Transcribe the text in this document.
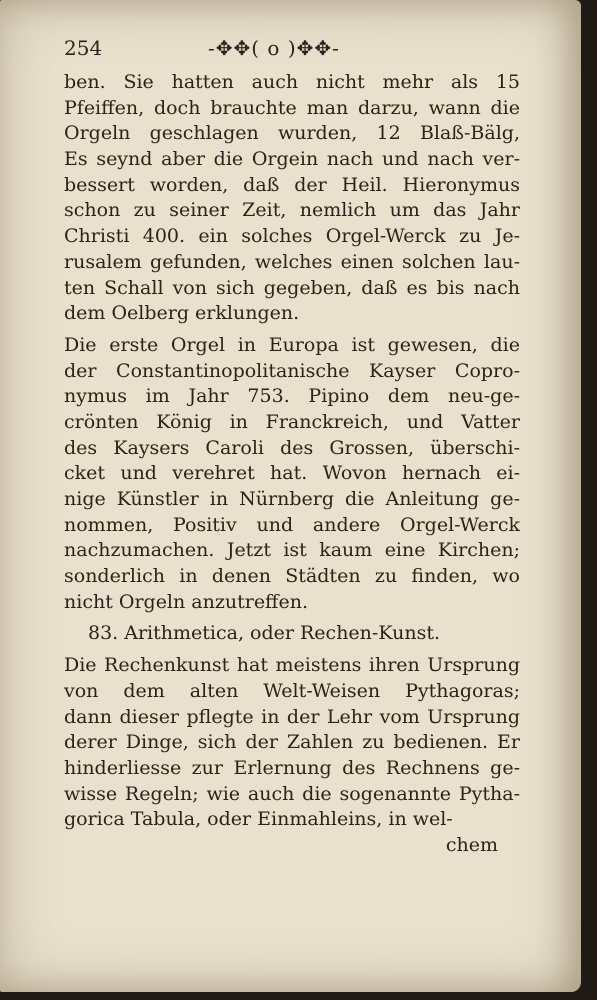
254	-✥✥( o )✥✥-
ben. Sie hatten auch nicht mehr als 15
Pfeiffen, doch brauchte man darzu, wann die
Orgeln geschlagen wurden, 12 Blaß-Bälg,
Es seynd aber die Orgein nach und nach ver-
bessert worden, daß der Heil. Hieronymus
schon zu seiner Zeit, nemlich um das Jahr
Christi 400. ein solches Orgel-Werck zu Je-
rusalem gefunden, welches einen solchen lau-
ten Schall von sich gegeben, daß es bis nach
dem Oelberg erklungen.
Die erste Orgel in Europa ist gewesen, die
der Constantinopolitanische Kayser Copro-
nymus im Jahr 753. Pipino dem neu-ge-
crönten König in Franckreich, und Vatter
des Kaysers Caroli des Grossen, überschi-
cket und verehret hat. Wovon hernach ei-
nige Künstler in Nürnberg die Anleitung ge-
nommen, Positiv und andere Orgel-Werck
nachzumachen. Jetzt ist kaum eine Kirchen;
sonderlich in denen Städten zu finden, wo
nicht Orgeln anzutreffen.
83. Arithmetica, oder Rechen-Kunst.
Die Rechenkunst hat meistens ihren Ursprung
von dem alten Welt-Weisen Pythagoras;
dann dieser pflegte in der Lehr vom Ursprung
derer Dinge, sich der Zahlen zu bedienen. Er
hinderliesse zur Erlernung des Rechnens ge-
wisse Regeln; wie auch die sogenannte Pytha-
gorica Tabula, oder Einmahleins, in wel-
chem
